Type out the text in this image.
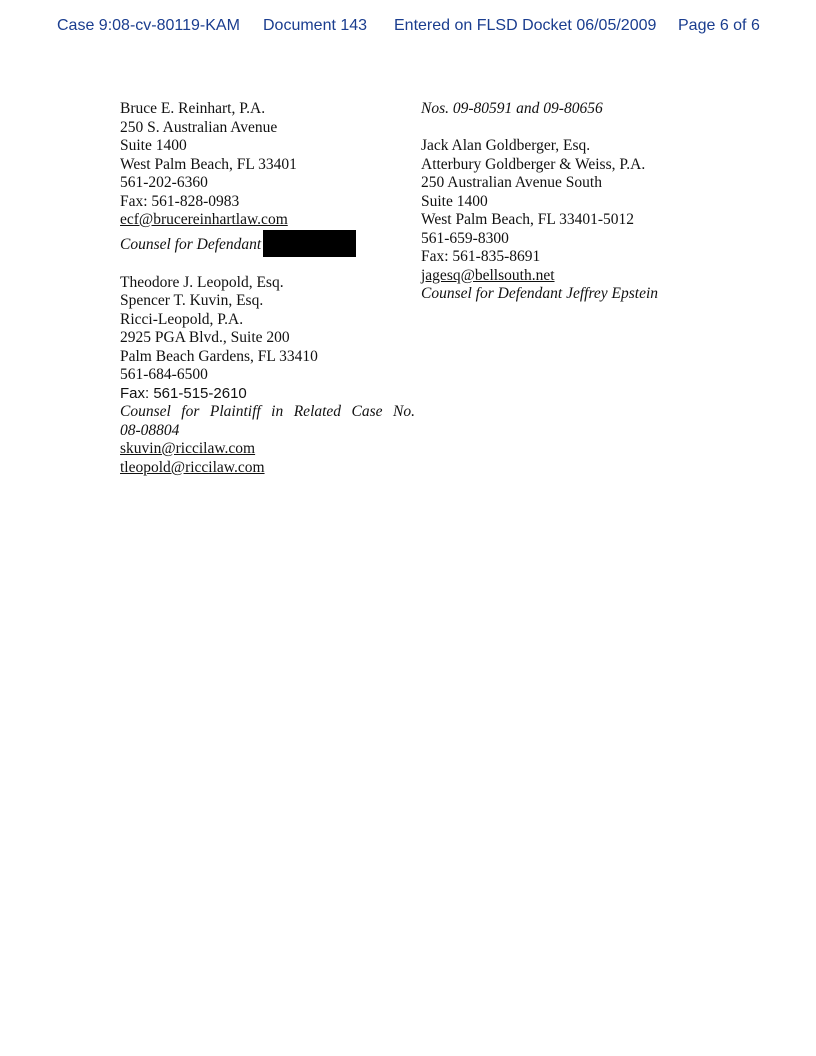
Case 9:08-cv-80119-KAM Document 143 Entered on FLSD Docket 06/05/2009 Page 6 of 6
Bruce E. Reinhart, P.A.
250 S. Australian Avenue
Suite 1400
West Palm Beach, FL 33401
561-202-6360
Fax: 561-828-0983
ecf@brucereinhartlaw.com
Counsel for Defendant
Theodore J. Leopold, Esq.
Spencer T. Kuvin, Esq.
Ricci-Leopold, P.A.
2925 PGA Blvd., Suite 200
Palm Beach Gardens, FL 33410
561-684-6500
Fax: 561-515-2610
Counsel for Plaintiff in Related Case No.
08-08804
skuvin@riccilaw.com
tleopold@riccilaw.com
Nos. 09-80591 and 09-80656
Jack Alan Goldberger, Esq.
Atterbury Goldberger & Weiss, P.A.
250 Australian Avenue South
Suite 1400
West Palm Beach, FL 33401-5012
561-659-8300
Fax: 561-835-8691
jagesq@bellsouth.net
Counsel for Defendant Jeffrey Epstein
